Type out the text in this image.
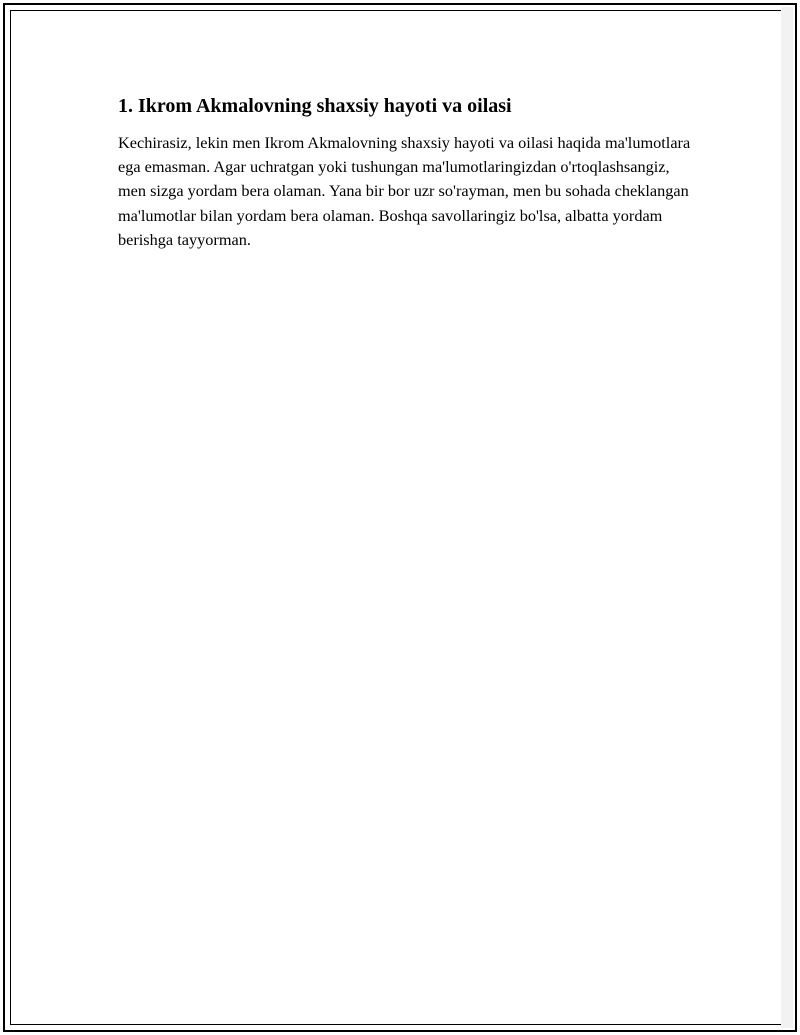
1. Ikrom Akmalovning shaxsiy hayoti va oilasi

Kechirasiz, lekin men Ikrom Akmalovning shaxsiy hayoti va oilasi haqida ma'lumotlara ega emasman. Agar uchratgan yoki tushungan ma'lumotlaringizdan o'rtoqlashsangiz, men sizga yordam bera olaman. Yana bir bor uzr so'rayman, men bu sohada cheklangan ma'lumotlar bilan yordam bera olaman. Boshqa savollaringiz bo'lsa, albatta yordam berishga tayyorman.
